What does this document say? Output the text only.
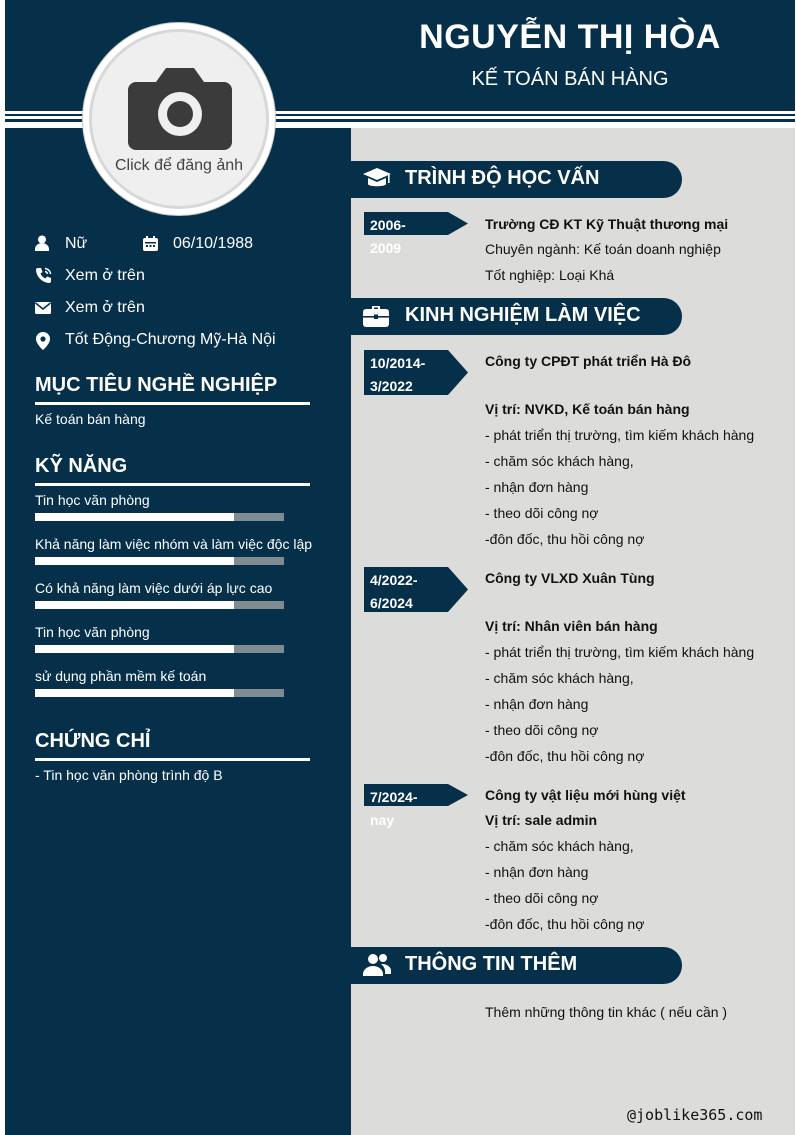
NGUYỄN THỊ HÒA
KẾ TOÁN BÁN HÀNG
Click để đăng ảnh
Nữ	06/10/1988
Xem ở trên
Xem ở trên
Tốt Động-Chương Mỹ-Hà Nội
MỤC TIÊU NGHỀ NGHIỆP
Kế toán bán hàng
KỸ NĂNG
Tin học văn phòng
Khả năng làm việc nhóm và làm việc độc lập
Có khả năng làm việc dưới áp lực cao
Tin học văn phòng
sử dụng phần mềm kế toán
CHỨNG CHỈ
- Tin học văn phòng trình độ B
TRÌNH ĐỘ HỌC VẤN
2006-2009
Trường CĐ KT Kỹ Thuật thương mại
Chuyên ngành: Kế toán doanh nghiệp
Tốt nghiệp: Loại Khá
KINH NGHIỆM LÀM VIỆC
10/2014-
3/2022
Công ty CPĐT phát triển Hà Đô
Vị trí: NVKD, Kế toán bán hàng
- phát triển thị trường, tìm kiếm khách hàng
- chăm sóc khách hàng,
- nhận đơn hàng
- theo dõi công nợ
-đôn đốc, thu hồi công nợ
4/2022-
6/2024
Công ty VLXD Xuân Tùng
Vị trí: Nhân viên bán hàng
- phát triển thị trường, tìm kiếm khách hàng
- chăm sóc khách hàng,
- nhận đơn hàng
- theo dõi công nợ
-đôn đốc, thu hồi công nợ
7/2024-nay
Công ty vật liệu mới hùng việt
Vị trí: sale admin
- chăm sóc khách hàng,
- nhận đơn hàng
- theo dõi công nợ
-đôn đốc, thu hồi công nợ
THÔNG TIN THÊM
Thêm những thông tin khác ( nếu cần )
@joblike365.com
